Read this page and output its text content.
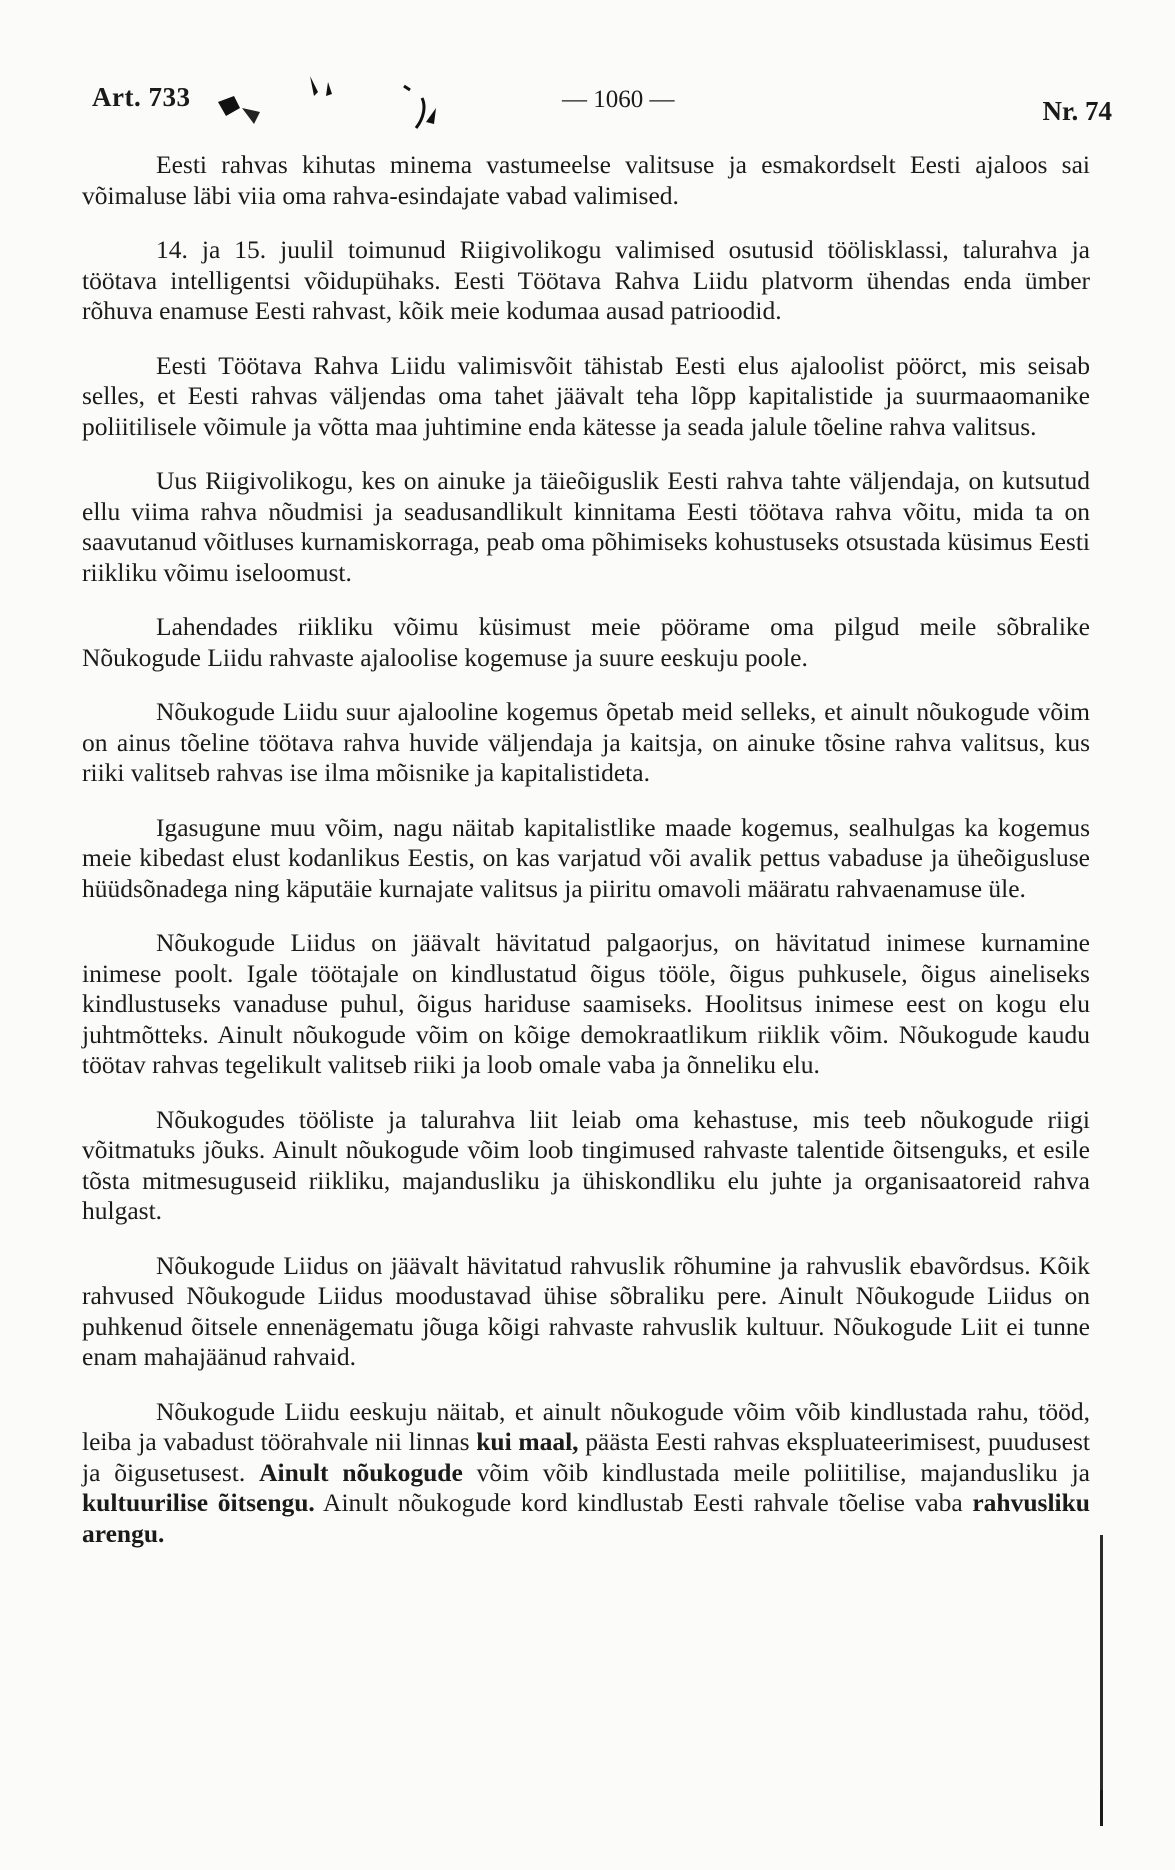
Art. 733	— 1060 —	Nr. 74

Eesti rahvas kihutas minema vastumeelse valitsuse ja esmakordselt Eesti ajaloos sai võimaluse läbi viia oma rahva-esindajate vabad valimised.

14. ja 15. juulil toimunud Riigivolikogu valimised osutusid töölisklassi, talurahva ja töötava intelligentsi võidupühaks. Eesti Töötava Rahva Liidu platvorm ühendas enda ümber rõhuva enamuse Eesti rahvast, kõik meie kodumaa ausad patrioodid.

Eesti Töötava Rahva Liidu valimisvõit tähistab Eesti elus ajaloolist pöörct, mis seisab selles, et Eesti rahvas väljendas oma tahet jäävalt teha lõpp kapitalistide ja suurmaaomanike poliitilisele võimule ja võtta maa juhtimine enda kätesse ja seada jalule tõeline rahva valitsus.

Uus Riigivolikogu, kes on ainuke ja täieõiguslik Eesti rahva tahte väljendaja, on kutsutud ellu viima rahva nõudmisi ja seadusandlikult kinnitama Eesti töötava rahva võitu, mida ta on saavutanud võitluses kurnamiskorraga, peab oma põhimiseks kohustuseks otsustada küsimus Eesti riikliku võimu iseloomust.

Lahendades riikliku võimu küsimust meie pöörame oma pilgud meile sõbralike Nõukogude Liidu rahvaste ajaloolise kogemuse ja suure eeskuju poole.

Nõukogude Liidu suur ajalooline kogemus õpetab meid selleks, et ainult nõukogude võim on ainus tõeline töötava rahva huvide väljendaja ja kaitsja, on ainuke tõsine rahva valitsus, kus riiki valitseb rahvas ise ilma mõisnike ja kapitalistideta.

Igasugune muu võim, nagu näitab kapitalistlike maade kogemus, sealhulgas ka kogemus meie kibedast elust kodanlikus Eestis, on kas varjatud või avalik pettus vabaduse ja üheõigusluse hüüdsõnadega ning käputäie kurnajate valitsus ja piiritu omavoli määratu rahvaenamuse üle.

Nõukogude Liidus on jäävalt hävitatud palgaorjus, on hävitatud inimese kurnamine inimese poolt. Igale töötajale on kindlustatud õigus tööle, õigus puhkusele, õigus aineliseks kindlustuseks vanaduse puhul, õigus hariduse saamiseks. Hoolitsus inimese eest on kogu elu juhtmõtteks. Ainult nõukogude võim on kõige demokraatlikum riiklik võim. Nõukogude kaudu töötav rahvas tegelikult valitseb riiki ja loob omale vaba ja õnneliku elu.

Nõukogudes tööliste ja talurahva liit leiab oma kehastuse, mis teeb nõukogude riigi võitmatuks jõuks. Ainult nõukogude võim loob tingimused rahvaste talentide õitsenguks, et esile tõsta mitmesuguseid riikliku, majandusliku ja ühiskondliku elu juhte ja organisaatoreid rahva hulgast.

Nõukogude Liidus on jäävalt hävitatud rahvuslik rõhumine ja rahvuslik ebavõrdsus. Kõik rahvused Nõukogude Liidus moodustavad ühise sõbraliku pere. Ainult Nõukogude Liidus on puhkenud õitsele ennenägematu jõuga kõigi rahvaste rahvuslik kultuur. Nõukogude Liit ei tunne enam mahajäänud rahvaid.

Nõukogude Liidu eeskuju näitab, et ainult nõukogude võim võib kindlustada rahu, tööd, leiba ja vabadust töörahvale nii linnas kui maal, päästa Eesti rahvas ekspluateerimisest, puudusest ja õigusetusest. Ainult nõukogude võim võib kindlustada meile poliitilise, majandusliku ja kultuurilise õitsengu. Ainult nõukogude kord kindlustab Eesti rahvale tõelise vaba rahvusliku arengu.
